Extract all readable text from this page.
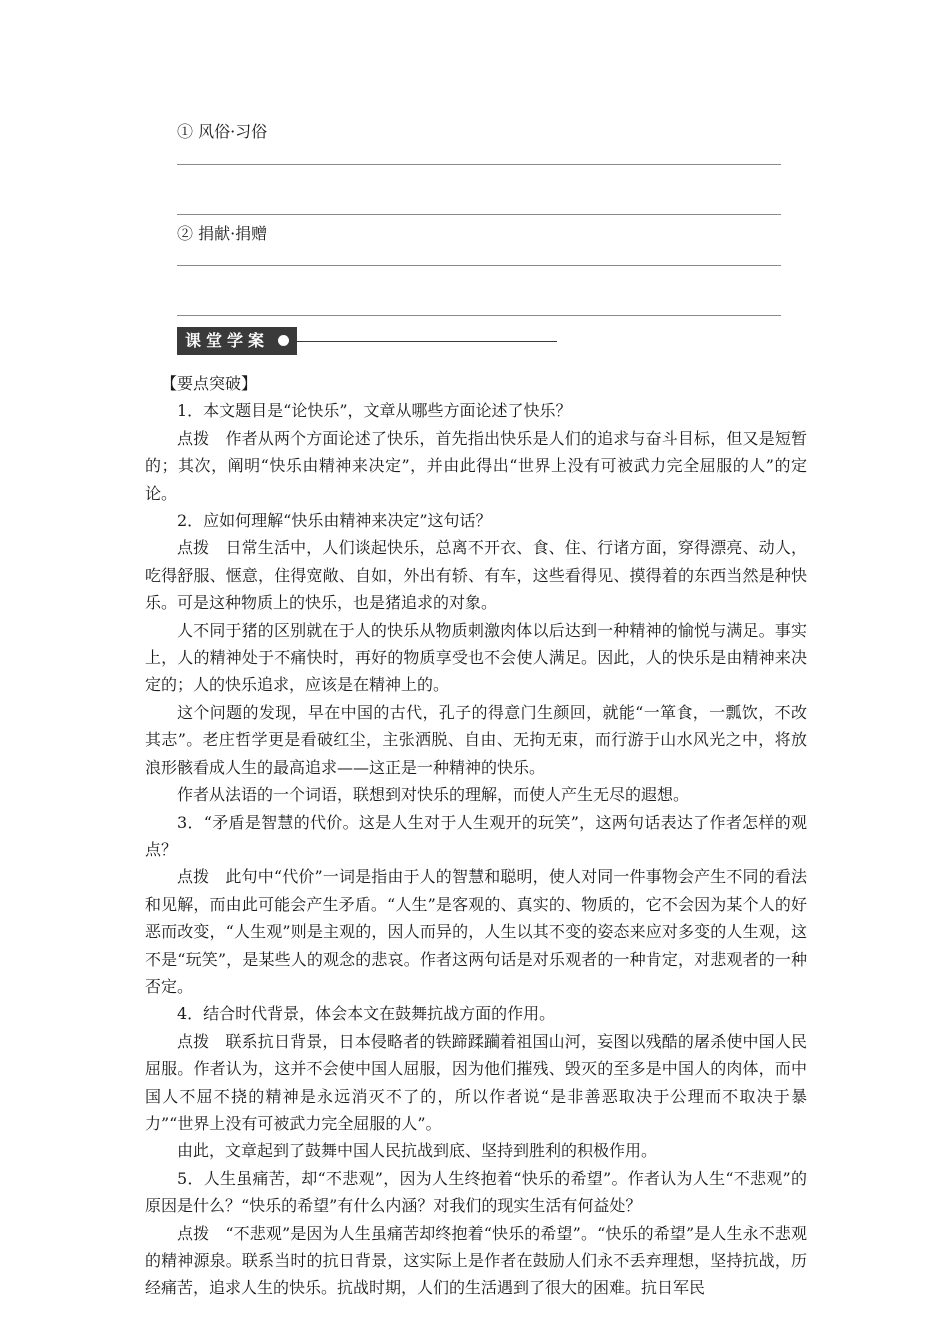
① 风俗·习俗
② 捐献·捐赠
课堂学案

【要点突破】

1．本文题目是“论快乐”，文章从哪些方面论述了快乐？

点拨　作者从两个方面论述了快乐，首先指出快乐是人们的追求与奋斗目标，但又是短暂的；其次，阐明“快乐由精神来决定”，并由此得出“世界上没有可被武力完全屈服的人”的定论。

2．应如何理解“快乐由精神来决定”这句话？

点拨　日常生活中，人们谈起快乐，总离不开衣、食、住、行诸方面，穿得漂亮、动人，吃得舒服、惬意，住得宽敞、自如，外出有轿、有车，这些看得见、摸得着的东西当然是种快乐。可是这种物质上的快乐，也是猪追求的对象。

人不同于猪的区别就在于人的快乐从物质刺激肉体以后达到一种精神的愉悦与满足。事实上，人的精神处于不痛快时，再好的物质享受也不会使人满足。因此，人的快乐是由精神来决定的；人的快乐追求，应该是在精神上的。

这个问题的发现，早在中国的古代，孔子的得意门生颜回，就能“一箪食，一瓢饮，不改其志”。老庄哲学更是看破红尘，主张洒脱、自由、无拘无束，而行游于山水风光之中，将放浪形骸看成人生的最高追求——这正是一种精神的快乐。

作者从法语的一个词语，联想到对快乐的理解，而使人产生无尽的遐想。

3．“矛盾是智慧的代价。这是人生对于人生观开的玩笑”，这两句话表达了作者怎样的观点？

点拨　此句中“代价”一词是指由于人的智慧和聪明，使人对同一件事物会产生不同的看法和见解，而由此可能会产生矛盾。“人生”是客观的、真实的、物质的，它不会因为某个人的好恶而改变，“人生观”则是主观的，因人而异的，人生以其不变的姿态来应对多变的人生观，这不是“玩笑”，是某些人的观念的悲哀。作者这两句话是对乐观者的一种肯定，对悲观者的一种否定。

4．结合时代背景，体会本文在鼓舞抗战方面的作用。

点拨　联系抗日背景，日本侵略者的铁蹄蹂躏着祖国山河，妄图以残酷的屠杀使中国人民屈服。作者认为，这并不会使中国人屈服，因为他们摧残、毁灭的至多是中国人的肉体，而中国人不屈不挠的精神是永远消灭不了的，所以作者说“是非善恶取决于公理而不取决于暴力”“世界上没有可被武力完全屈服的人”。

由此，文章起到了鼓舞中国人民抗战到底、坚持到胜利的积极作用。

5．人生虽痛苦，却“不悲观”，因为人生终抱着“快乐的希望”。作者认为人生“不悲观”的原因是什么？“快乐的希望”有什么内涵？对我们的现实生活有何益处？

点拨　“不悲观”是因为人生虽痛苦却终抱着“快乐的希望”。“快乐的希望”是人生永不悲观的精神源泉。联系当时的抗日背景，这实际上是作者在鼓励人们永不丢弃理想，坚持抗战，历经痛苦，追求人生的快乐。抗战时期，人们的生活遇到了很大的困难。抗日军民
